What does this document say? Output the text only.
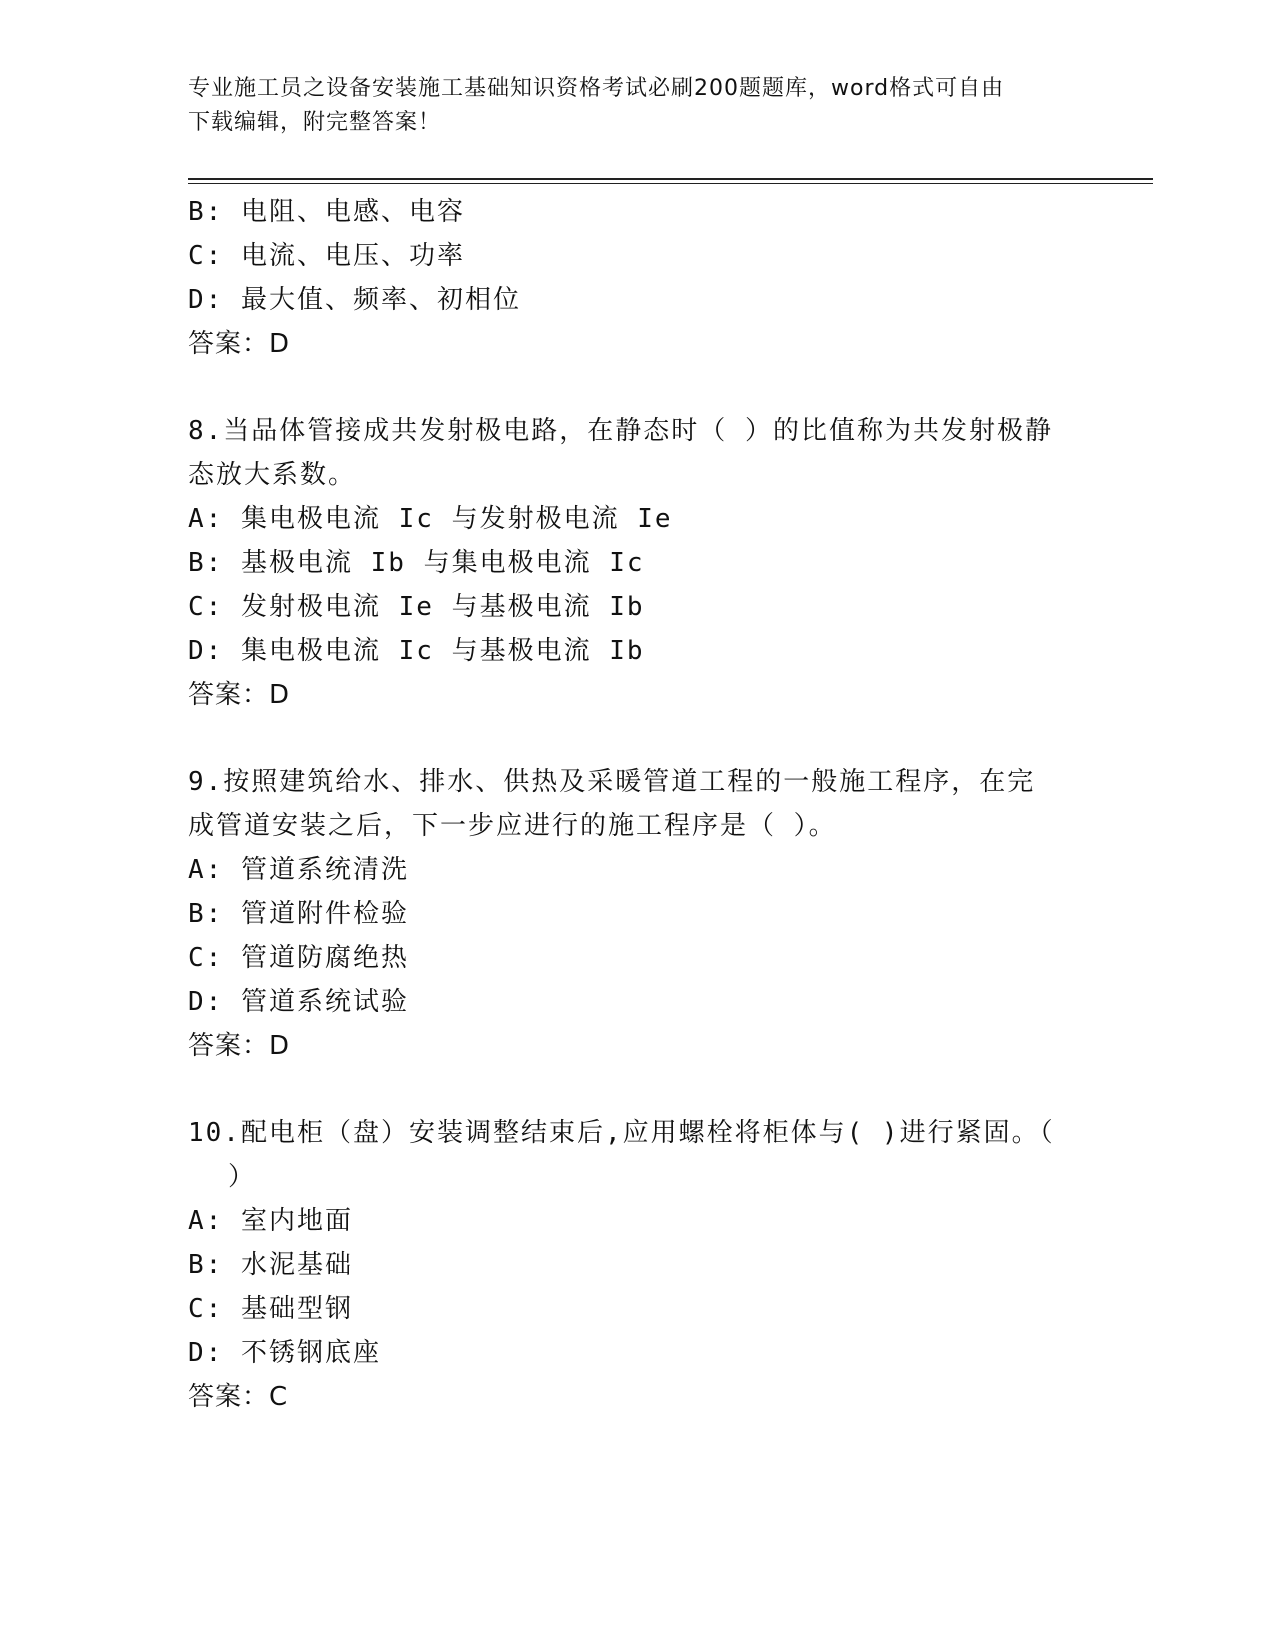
专业施工员之设备安装施工基础知识资格考试必刷200题题库，word格式可自由
下载编辑，附完整答案！
B: 电阻、电感、电容
C: 电流、电压、功率
D: 最大值、频率、初相位
答案：D
8.当品体管接成共发射极电路，在静态时（ ）的比值称为共发射极静
态放大系数。
A: 集电极电流 Ic 与发射极电流 Ie
B: 基极电流 Ib 与集电极电流 Ic
C: 发射极电流 Ie 与基极电流 Ib
D: 集电极电流 Ic 与基极电流 Ib
答案：D
9.按照建筑给水、排水、供热及采暖管道工程的一般施工程序，在完
成管道安装之后，下一步应进行的施工程序是（ ）。
A: 管道系统清洗
B: 管道附件检验
C: 管道防腐绝热
D: 管道系统试验
答案：D
10.配电柜（盘）安装调整结束后,应用螺栓将柜体与( )进行紧固。（
）
A: 室内地面
B: 水泥基础
C: 基础型钢
D: 不锈钢底座
答案：C
